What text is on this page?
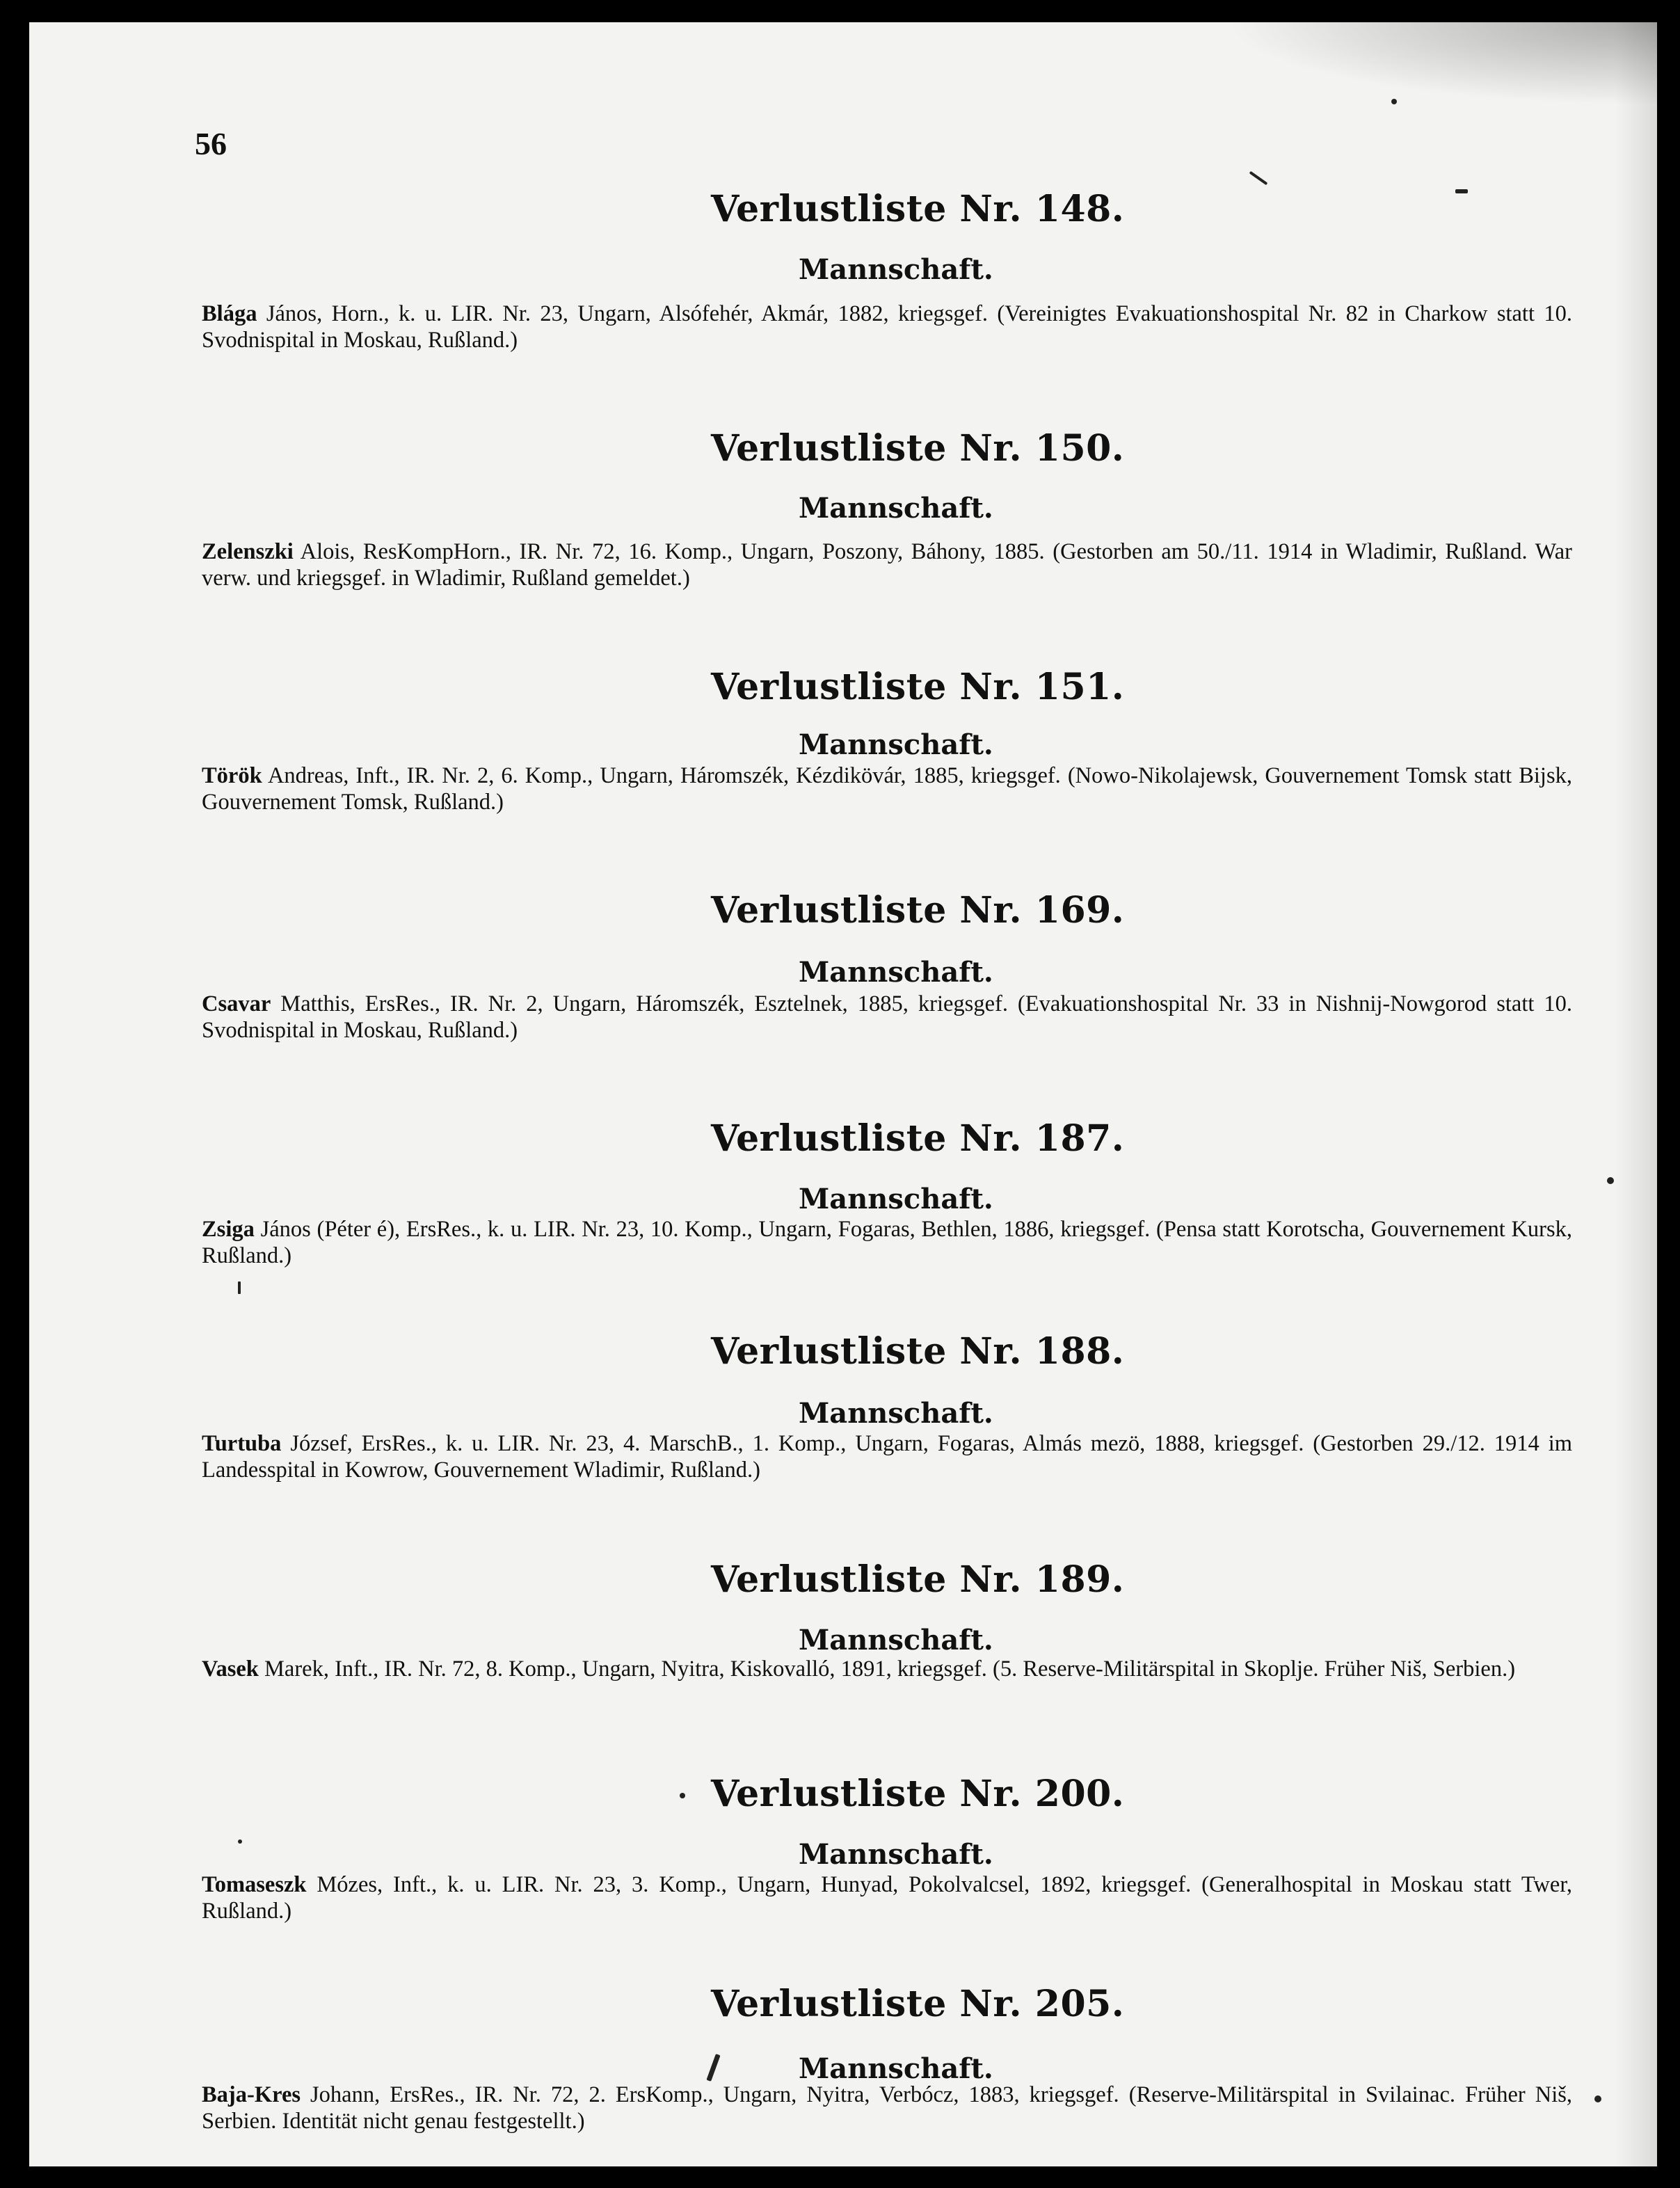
56
Verlustliste Nr. 148.
Mannschaft.
Blága János, Horn., k. u. LIR. Nr. 23, Ungarn, Alsófehér, Akmár, 1882, kriegsgef. (Vereinigtes Evakuationshospital Nr. 82 in Charkow statt 10. Svodnispital in Moskau, Rußland.)
Verlustliste Nr. 150.
Mannschaft.
Zelenszki Alois, ResKompHorn., IR. Nr. 72, 16. Komp., Ungarn, Poszony, Báhony, 1885. (Gestorben am 50./11. 1914 in Wladimir, Rußland. War verw. und kriegsgef. in Wladimir, Rußland gemeldet.)
Verlustliste Nr. 151.
Mannschaft.
Török Andreas, Inft., IR. Nr. 2, 6. Komp., Ungarn, Háromszék, Kézdikövár, 1885, kriegsgef. (Nowo-Nikolajewsk, Gouvernement Tomsk statt Bijsk, Gouvernement Tomsk, Rußland.)
Verlustliste Nr. 169.
Mannschaft.
Csavar Matthis, ErsRes., IR. Nr. 2, Ungarn, Háromszék, Esztelnek, 1885, kriegsgef. (Evakuationshospital Nr. 33 in Nishnij-Nowgorod statt 10. Svodnispital in Moskau, Rußland.)
Verlustliste Nr. 187.
Mannschaft.
Zsiga János (Péter é), ErsRes., k. u. LIR. Nr. 23, 10. Komp., Ungarn, Fogaras, Bethlen, 1886, kriegsgef. (Pensa statt Korotscha, Gouvernement Kursk, Rußland.)
Verlustliste Nr. 188.
Mannschaft.
Turtuba József, ErsRes., k. u. LIR. Nr. 23, 4. MarschB., 1. Komp., Ungarn, Fogaras, Almás mezö, 1888, kriegsgef. (Gestorben 29./12. 1914 im Landesspital in Kowrow, Gouvernement Wladimir, Rußland.)
Verlustliste Nr. 189.
Mannschaft.
Vasek Marek, Inft., IR. Nr. 72, 8. Komp., Ungarn, Nyitra, Kiskovalló, 1891, kriegsgef. (5. Reserve-Militärspital in Skoplje. Früher Niš, Serbien.)
Verlustliste Nr. 200.
Mannschaft.
Tomaseszk Mózes, Inft., k. u. LIR. Nr. 23, 3. Komp., Ungarn, Hunyad, Pokolvalcsel, 1892, kriegsgef. (Generalhospital in Moskau statt Twer, Rußland.)
Verlustliste Nr. 205.
Mannschaft.
Baja-Kres Johann, ErsRes., IR. Nr. 72, 2. ErsKomp., Ungarn, Nyitra, Verbócz, 1883, kriegsgef. (Reserve-Militärspital in Svilainac. Früher Niš, Serbien. Identität nicht genau festgestellt.)
